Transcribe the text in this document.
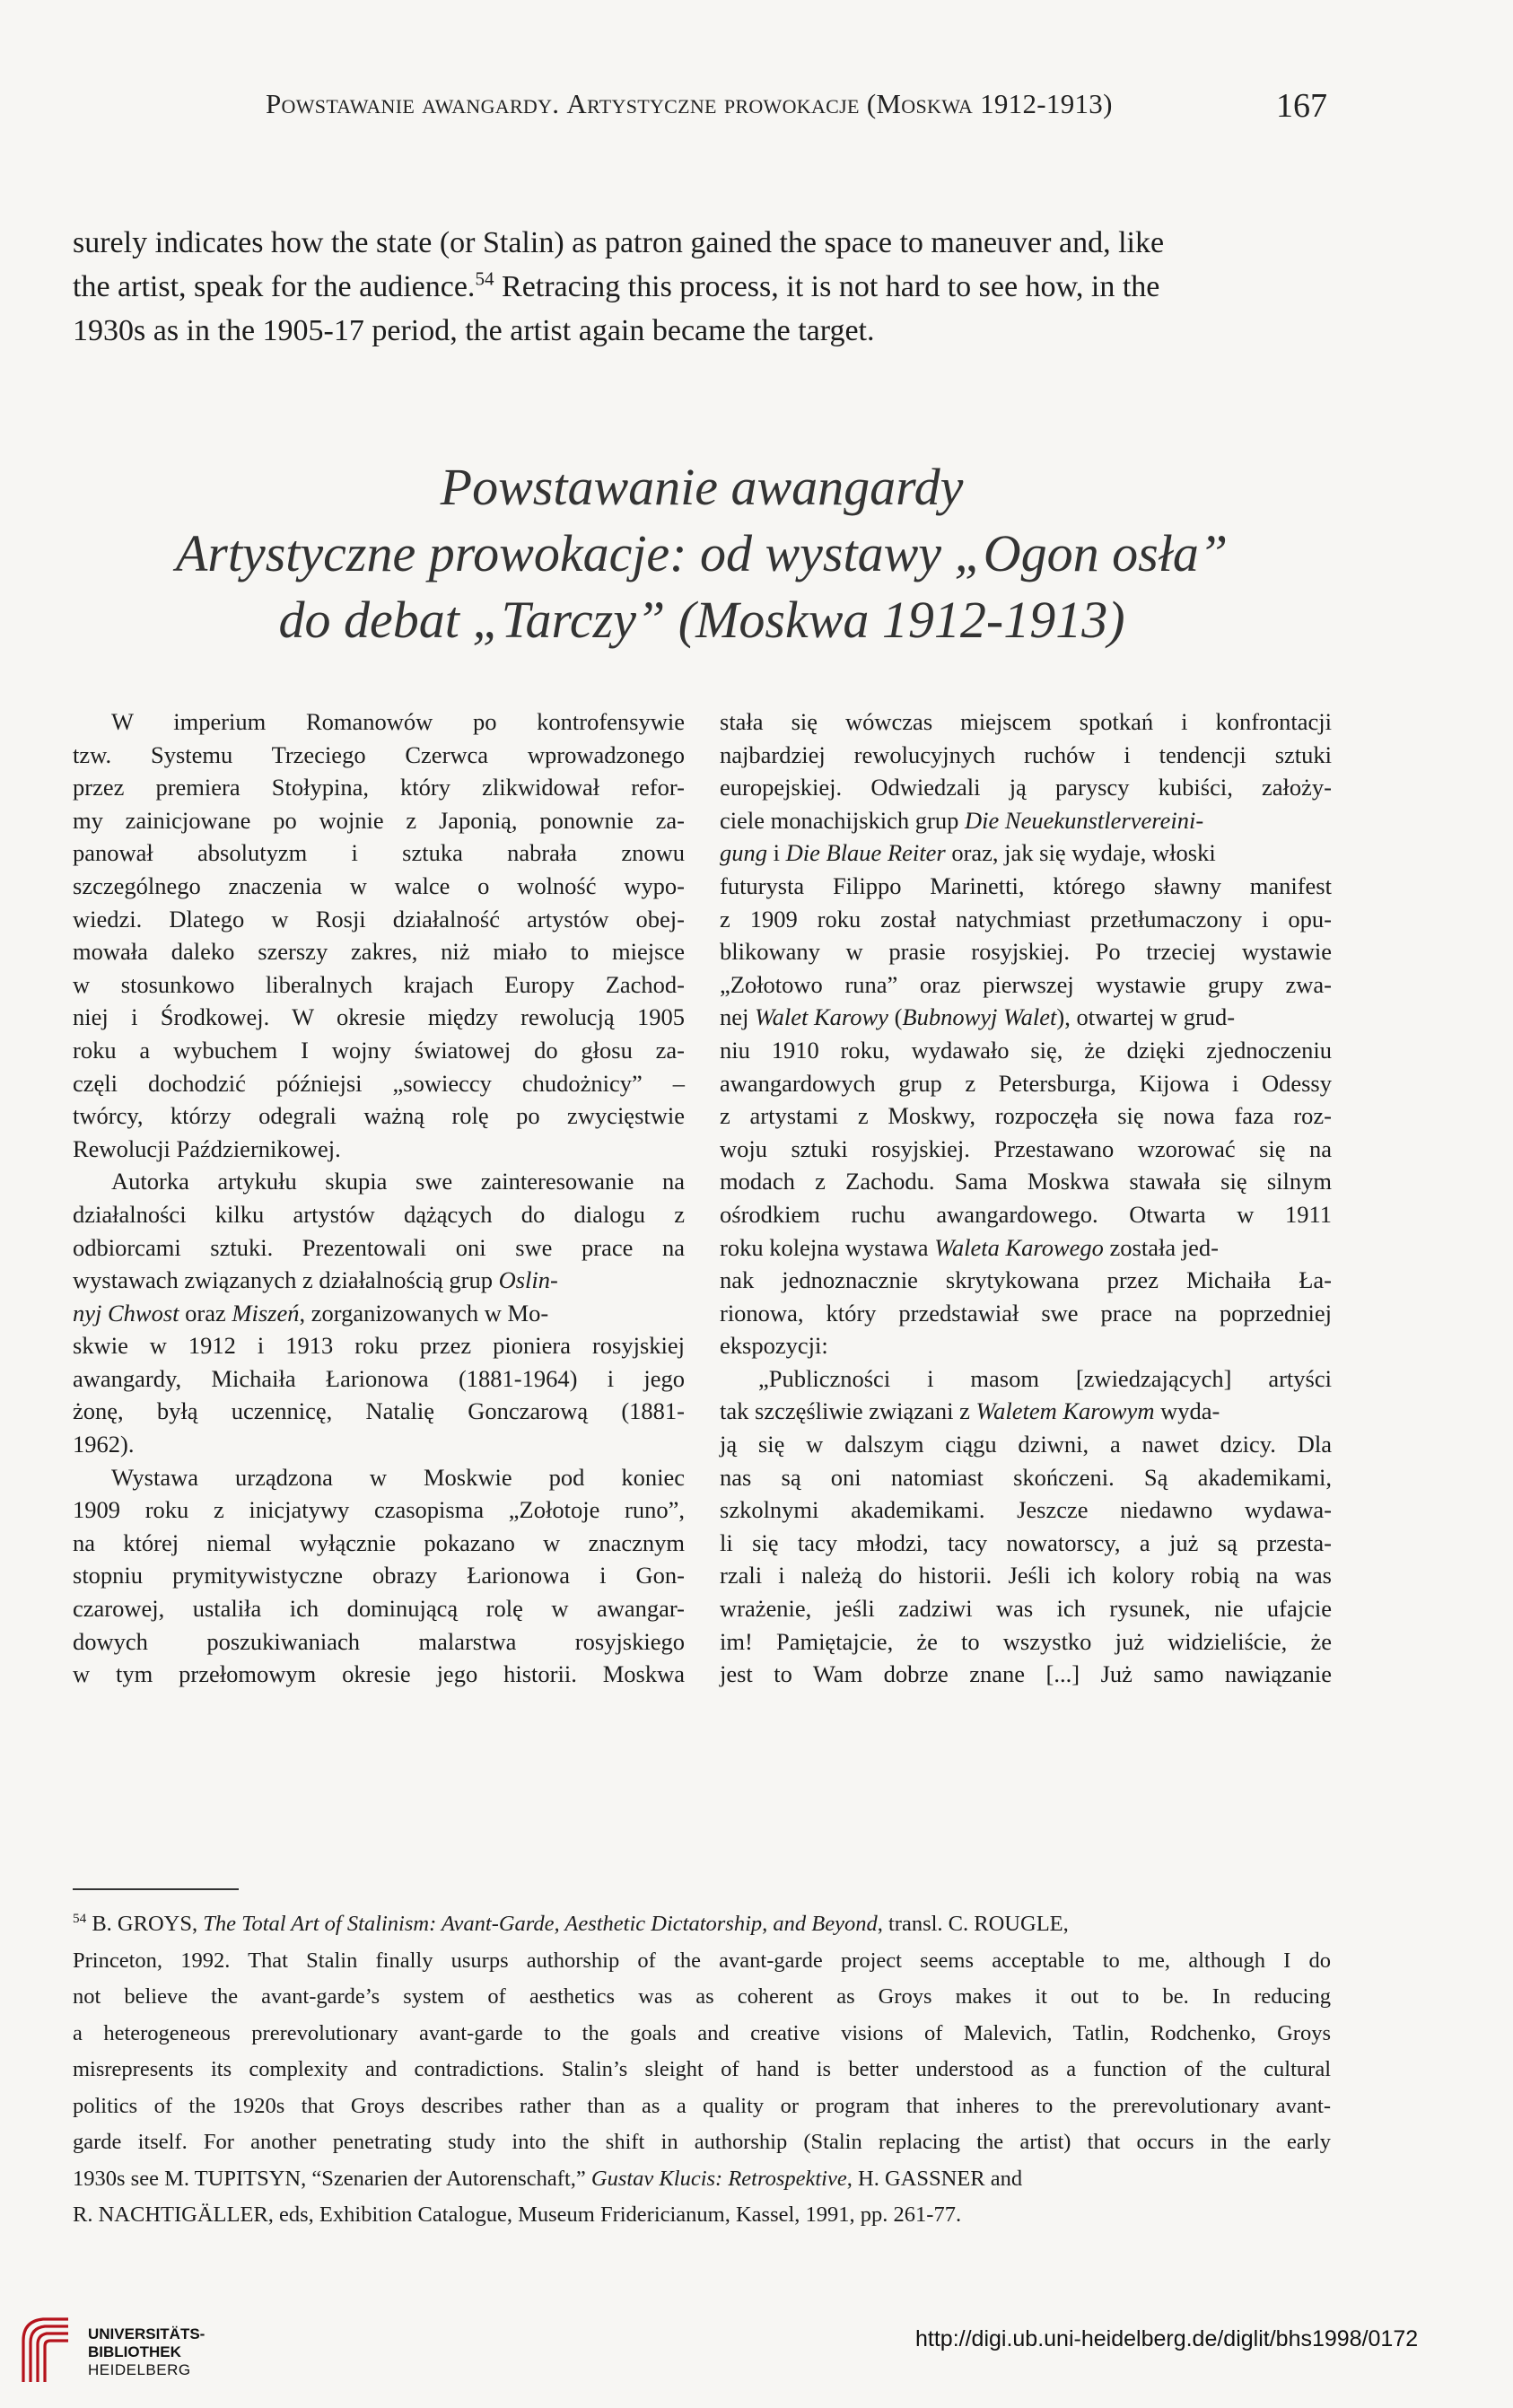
Powstawanie awangardy. Artystyczne prowokacje (Moskwa 1912-1913)	167
surely indicates how the state (or Stalin) as patron gained the space to maneuver and, like
the artist, speak for the audience.$^{54}$ Retracing this process, it is not hard to see how, in the
1930s as in the 1905-17 period, the artist again became the target.
Powstawanie awangardy
Artystyczne prowokacje: od wystawy „Ogon osła”
do debat „Tarczy” (Moskwa 1912-1913)
W imperium Romanowów po kontrofensywie
tzw. Systemu Trzeciego Czerwca wprowadzonego
przez premiera Stołypina, który zlikwidował refor-
my zainicjowane po wojnie z Japonią, ponownie za-
panował absolutyzm i sztuka nabrała znowu
szczególnego znaczenia w walce o wolność wypo-
wiedzi. Dlatego w Rosji działalność artystów obej-
mowała daleko szerszy zakres, niż miało to miejsce
w stosunkowo liberalnych krajach Europy Zachod-
niej i Środkowej. W okresie między rewolucją 1905
roku a wybuchem I wojny światowej do głosu za-
częli dochodzić późniejsi „sowieccy chudożnicy” –
twórcy, którzy odegrali ważną rolę po zwycięstwie
Rewolucji Październikowej.
Autorka artykułu skupia swe zainteresowanie na
działalności kilku artystów dążących do dialogu z
odbiorcami sztuki. Prezentowali oni swe prace na
wystawach związanych z działalnością grup Oslin-
nyj Chwost oraz Miszeń, zorganizowanych w Mo-
skwie w 1912 i 1913 roku przez pioniera rosyjskiej
awangardy, Michaiła Łarionowa (1881-1964) i jego
żonę, byłą uczennicę, Natalię Gonczarową (1881-
1962).
Wystawa urządzona w Moskwie pod koniec
1909 roku z inicjatywy czasopisma „Zołotoje runo”,
na której niemal wyłącznie pokazano w znacznym
stopniu prymitywistyczne obrazy Łarionowa i Gon-
czarowej, ustaliła ich dominującą rolę w awangar-
dowych poszukiwaniach malarstwa rosyjskiego
w tym przełomowym okresie jego historii. Moskwa
stała się wówczas miejscem spotkań i konfrontacji
najbardziej rewolucyjnych ruchów i tendencji sztuki
europejskiej. Odwiedzali ją paryscy kubiści, założy-
ciele monachijskich grup Die Neuekunstlervereini-
gung i Die Blaue Reiter oraz, jak się wydaje, włoski
futurysta Filippo Marinetti, którego sławny manifest
z 1909 roku został natychmiast przetłumaczony i opu-
blikowany w prasie rosyjskiej. Po trzeciej wystawie
„Zołotowo runa” oraz pierwszej wystawie grupy zwa-
nej Walet Karowy (Bubnowyj Walet), otwartej w grud-
niu 1910 roku, wydawało się, że dzięki zjednoczeniu
awangardowych grup z Petersburga, Kijowa i Odessy
z artystami z Moskwy, rozpoczęła się nowa faza roz-
woju sztuki rosyjskiej. Przestawano wzorować się na
modach z Zachodu. Sama Moskwa stawała się silnym
ośrodkiem ruchu awangardowego. Otwarta w 1911
roku kolejna wystawa Waleta Karowego została jed-
nak jednoznacznie skrytykowana przez Michaiła Ła-
rionowa, który przedstawiał swe prace na poprzedniej
ekspozycji:
„Publiczności i masom [zwiedzających] artyści
tak szczęśliwie związani z Waletem Karowym wyda-
ją się w dalszym ciągu dziwni, a nawet dzicy. Dla
nas są oni natomiast skończeni. Są akademikami,
szkolnymi akademikami. Jeszcze niedawno wydawa-
li się tacy młodzi, tacy nowatorscy, a już są przesta-
rzali i należą do historii. Jeśli ich kolory robią na was
wrażenie, jeśli zadziwi was ich rysunek, nie ufajcie
im! Pamiętajcie, że to wszystko już widzieliście, że
jest to Wam dobrze znane [...] Już samo nawiązanie
$^{54}$ B. GROYS, The Total Art of Stalinism: Avant-Garde, Aesthetic Dictatorship, and Beyond, transl. C. ROUGLE,
Princeton, 1992. That Stalin finally usurps authorship of the avant-garde project seems acceptable to me, although I do
not believe the avant-garde’s system of aesthetics was as coherent as Groys makes it out to be. In reducing
a heterogeneous prerevolutionary avant-garde to the goals and creative visions of Malevich, Tatlin, Rodchenko, Groys
misrepresents its complexity and contradictions. Stalin’s sleight of hand is better understood as a function of the cultural
politics of the 1920s that Groys describes rather than as a quality or program that inheres to the prerevolutionary avant-
garde itself. For another penetrating study into the shift in authorship (Stalin replacing the artist) that occurs in the early
1930s see M. TUPITSYN, “Szenarien der Autorenschaft,” Gustav Klucis: Retrospektive, H. GASSNER and
R. NACHTIGÄLLER, eds, Exhibition Catalogue, Museum Fridericianum, Kassel, 1991, pp. 261-77.
UNIVERSITÄTS-
BIBLIOTHEK
HEIDELBERG
http://digi.ub.uni-heidelberg.de/diglit/bhs1998/0172
